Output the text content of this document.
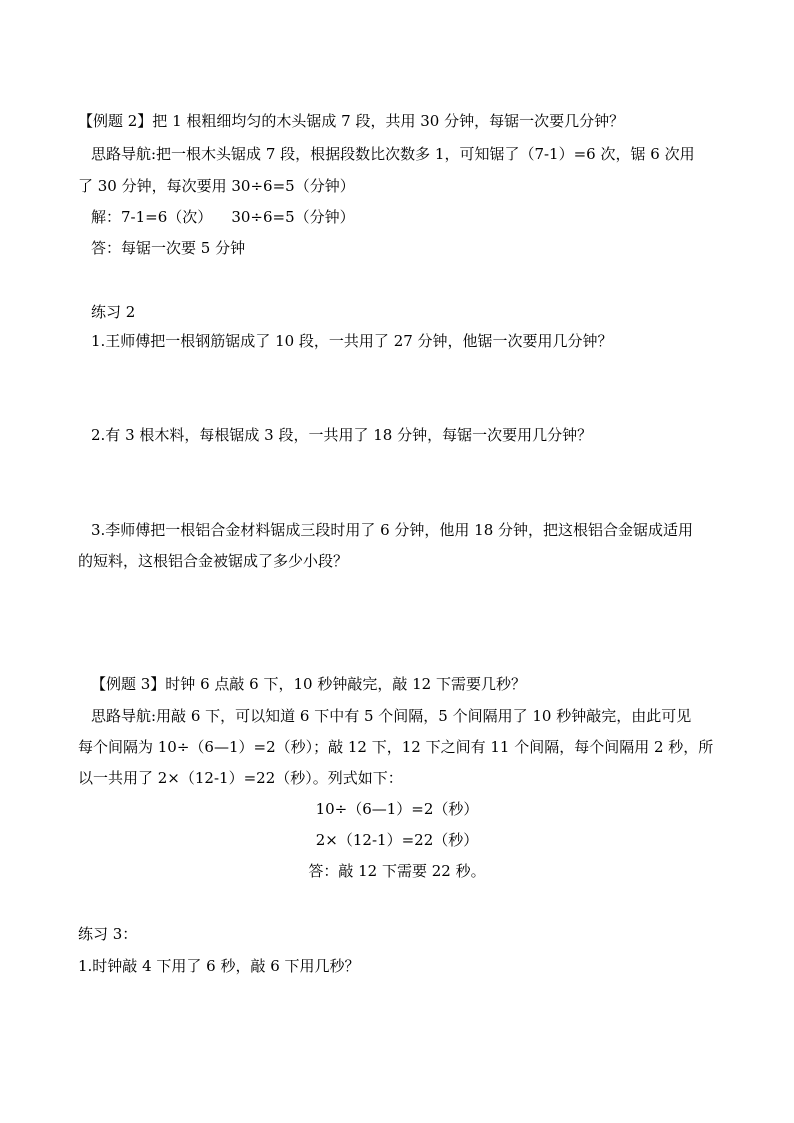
【例题 2】把 1 根粗细均匀的木头锯成 7 段，共用 30 分钟，每锯一次要几分钟？

思路导航:把一根木头锯成 7 段，根据段数比次数多 1，可知锯了（7-1）=6 次，锯 6 次用

了 30 分钟，每次要用 30÷6=5（分钟）

解：7-1=6（次）    30÷6=5（分钟）

答：每锯一次要 5 分钟

练习 2

1.王师傅把一根钢筋锯成了 10 段，一共用了 27 分钟，他锯一次要用几分钟？

2.有 3 根木料，每根锯成 3 段，一共用了 18 分钟，每锯一次要用几分钟？

3.李师傅把一根铝合金材料锯成三段时用了 6 分钟，他用 18 分钟，把这根铝合金锯成适用

的短料，这根铝合金被锯成了多少小段？

【例题 3】时钟 6 点敲 6 下，10 秒钟敲完，敲 12 下需要几秒？

思路导航:用敲 6 下，可以知道 6 下中有 5 个间隔，5 个间隔用了 10 秒钟敲完，由此可见

每个间隔为 10÷（6—1）=2（秒）；敲 12 下，12 下之间有 11 个间隔，每个间隔用 2 秒，所

以一共用了 2×（12-1）=22（秒）。列式如下：

10÷（6—1）=2（秒）

2×（12-1）=22（秒）

答：敲 12 下需要 22 秒。

练习 3：

1.时钟敲 4 下用了 6 秒，敲 6 下用几秒？
